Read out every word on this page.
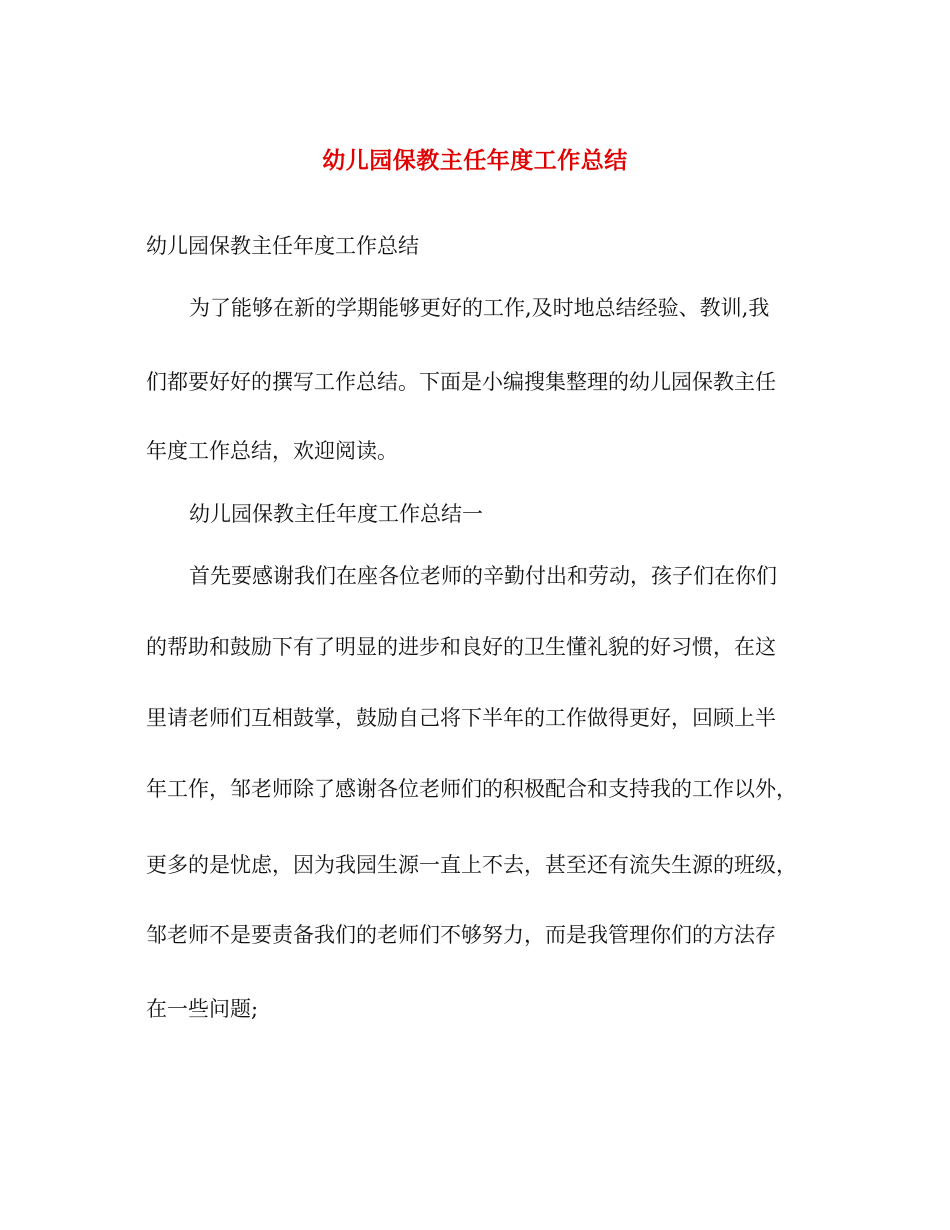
幼儿园保教主任年度工作总结
幼儿园保教主任年度工作总结
为了能够在新的学期能够更好的工作,及时地总结经验、教训,我
们都要好好的撰写工作总结。下面是小编搜集整理的幼儿园保教主任
年度工作总结，欢迎阅读。
幼儿园保教主任年度工作总结一
首先要感谢我们在座各位老师的辛勤付出和劳动，孩子们在你们
的帮助和鼓励下有了明显的进步和良好的卫生懂礼貌的好习惯，在这
里请老师们互相鼓掌，鼓励自己将下半年的工作做得更好，回顾上半
年工作，邹老师除了感谢各位老师们的积极配合和支持我的工作以外，
更多的是忧虑，因为我园生源一直上不去，甚至还有流失生源的班级，
邹老师不是要责备我们的老师们不够努力，而是我管理你们的方法存
在一些问题;
